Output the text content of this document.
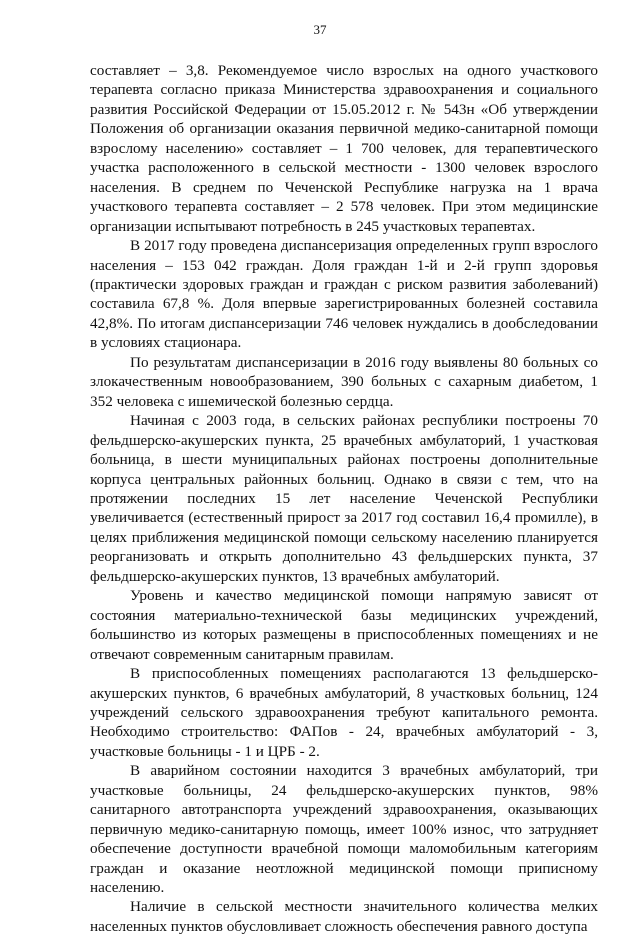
37

составляет – 3,8. Рекомендуемое число взрослых на одного участкового терапевта согласно приказа Министерства здравоохранения и социального развития Российской Федерации от 15.05.2012 г. № 543н «Об утверждении Положения об организации оказания первичной медико-санитарной помощи взрослому населению» составляет – 1 700 человек, для терапевтического участка расположенного в сельской местности - 1300 человек взрослого населения. В среднем по Чеченской Республике нагрузка на 1 врача участкового терапевта составляет – 2 578 человек. При этом медицинские организации испытывают потребность в 245 участковых терапевтах.

В 2017 году проведена диспансеризация определенных групп взрослого населения – 153 042 граждан. Доля граждан 1-й и 2-й групп здоровья (практически здоровых граждан и граждан с риском развития заболеваний) составила 67,8 %. Доля впервые зарегистрированных болезней составила 42,8%. По итогам диспансеризации 746 человек нуждались в дообследовании в условиях стационара.

По результатам диспансеризации в 2016 году выявлены 80 больных со злокачественным новообразованием, 390 больных с сахарным диабетом, 1 352 человека с ишемической болезнью сердца.

Начиная с 2003 года, в сельских районах республики построены 70 фельдшерско-акушерских пункта, 25 врачебных амбулаторий, 1 участковая больница, в шести муниципальных районах построены дополнительные корпуса центральных районных больниц. Однако в связи с тем, что на протяжении последних 15 лет население Чеченской Республики увеличивается (естественный прирост за 2017 год составил 16,4 промилле), в целях приближения медицинской помощи сельскому населению планируется реорганизовать и открыть дополнительно 43 фельдшерских пункта, 37 фельдшерско-акушерских пунктов, 13 врачебных амбулаторий.

Уровень и качество медицинской помощи напрямую зависят от состояния материально-технической базы медицинских учреждений, большинство из которых размещены в приспособленных помещениях и не отвечают современным санитарным правилам.

В приспособленных помещениях располагаются 13 фельдшерско-акушерских пунктов, 6 врачебных амбулаторий, 8 участковых больниц, 124 учреждений сельского здравоохранения требуют капитального ремонта. Необходимо строительство: ФАПов - 24, врачебных амбулаторий - 3, участковые больницы - 1 и ЦРБ - 2.

В аварийном состоянии находится 3 врачебных амбулаторий, три участковые больницы, 24 фельдшерско-акушерских пунктов, 98% санитарного автотранспорта учреждений здравоохранения, оказывающих первичную медико-санитарную помощь, имеет 100% износ, что затрудняет обеспечение доступности врачебной помощи маломобильным категориям граждан и оказание неотложной медицинской помощи приписному населению.

Наличие в сельской местности значительного количества мелких населенных пунктов обусловливает сложность обеспечения равного доступа
